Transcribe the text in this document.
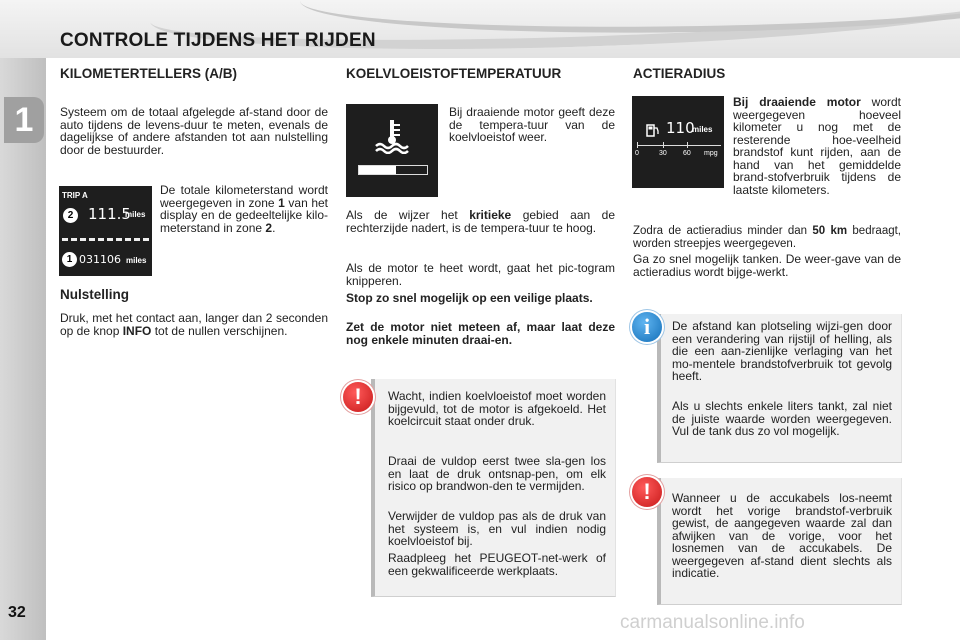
CONTROLE TIJDENS HET RIJDEN
1
32
KILOMETERTELLERS (A/B)
Systeem om de totaal afgelegde af-stand door de auto tijdens de levens-duur te meten, evenals de dagelijkse of andere afstanden tot aan nulstelling door de bestuurder.
TRIP A
2 111.5
miles
1 031106 miles
De totale kilometerstand wordt weergegeven in zone 1 van het display en de gedeeltelijke kilo-meterstand in zone 2.
Nulstelling
Druk, met het contact aan, langer dan 2 seconden op de knop INFO tot de nullen verschijnen.
KOELVLOEISTOFTEMPERATUUR
Bij draaiende motor geeft deze de tempera-tuur van de koelvloeistof weer.
Als de wijzer het kritieke gebied aan de rechterzijde nadert, is de tempera-tuur te hoog.
Als de motor te heet wordt, gaat het pic-togram knipperen.
Stop zo snel mogelijk op een veilige plaats.
Zet de motor niet meteen af, maar laat deze nog enkele minuten draai-en.
!	Wacht, indien koelvloeistof moet worden bijgevuld, tot de motor is afgekoeld. Het koelcircuit staat onder druk.
Draai de vuldop eerst twee sla-gen los en laat de druk ontsnap-pen, om elk risico op brandwon-den te vermijden.
Verwijder de vuldop pas als de druk van het systeem is, en vul indien nodig koelvloeistof bij.
Raadpleeg het PEUGEOT-net-werk of een gekwalificeerde werkplaats.
ACTIERADIUS
110
miles
0	30 60 mpg
Bij draaiende motor wordt weergegeven hoeveel kilometer u nog met de resterende hoe-veelheid brandstof kunt rijden, aan de hand van het gemiddelde brand-stofverbruik tijdens de laatste kilometers.
Zodra de actieradius minder dan 50 km bedraagt, worden streepjes weergegeven.
Ga zo snel mogelijk tanken. De weer-gave van de actieradius wordt bijge-werkt.
i	De afstand kan plotseling wijzi-gen door een verandering van rijstijl of helling, als die een aan-zienlijke verlaging van het mo-mentele brandstofverbruik tot gevolg heeft.
Als u slechts enkele liters tankt, zal niet de juiste waarde worden weergegeven. Vul de tank dus zo vol mogelijk.
!	Wanneer u de accukabels los-neemt wordt het vorige brandstof-verbruik gewist, de aangegeven waarde zal dan afwijken van de vorige, voor het losnemen van de accukabels. De weergegeven af-stand dient slechts als indicatie.
carmanualsonline.info
